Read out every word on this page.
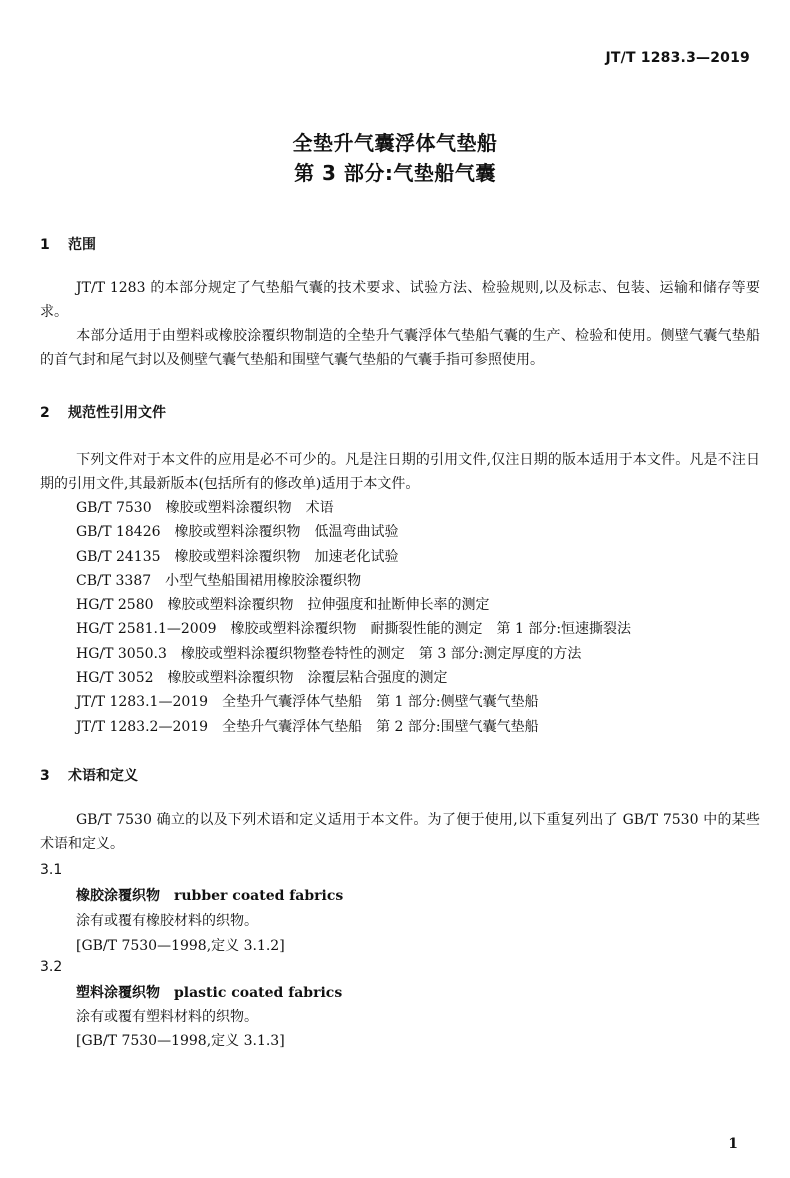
JT/T 1283.3—2019
全垫升气囊浮体气垫船
第 3 部分:气垫船气囊
1 范围
JT/T 1283 的本部分规定了气垫船气囊的技术要求、试验方法、检验规则,以及标志、包装、运输和储存等要求。
本部分适用于由塑料或橡胶涂覆织物制造的全垫升气囊浮体气垫船气囊的生产、检验和使用。侧壁气囊气垫船的首气封和尾气封以及侧壁气囊气垫船和围壁气囊气垫船的气囊手指可参照使用。
2 规范性引用文件
下列文件对于本文件的应用是必不可少的。凡是注日期的引用文件,仅注日期的版本适用于本文件。凡是不注日期的引用文件,其最新版本(包括所有的修改单)适用于本文件。
GB/T 7530　橡胶或塑料涂覆织物　术语
GB/T 18426　橡胶或塑料涂覆织物　低温弯曲试验
GB/T 24135　橡胶或塑料涂覆织物　加速老化试验
CB/T 3387　小型气垫船围裙用橡胶涂覆织物
HG/T 2580　橡胶或塑料涂覆织物　拉伸强度和扯断伸长率的测定
HG/T 2581.1—2009　橡胶或塑料涂覆织物　耐撕裂性能的测定　第 1 部分:恒速撕裂法
HG/T 3050.3　橡胶或塑料涂覆织物整卷特性的测定　第 3 部分:测定厚度的方法
HG/T 3052　橡胶或塑料涂覆织物　涂覆层粘合强度的测定
JT/T 1283.1—2019　全垫升气囊浮体气垫船　第 1 部分:侧壁气囊气垫船
JT/T 1283.2—2019　全垫升气囊浮体气垫船　第 2 部分:围壁气囊气垫船
3 术语和定义
GB/T 7530 确立的以及下列术语和定义适用于本文件。为了便于使用,以下重复列出了 GB/T 7530 中的某些术语和定义。
3.1
橡胶涂覆织物　rubber coated fabrics
涂有或覆有橡胶材料的织物。
[GB/T 7530—1998,定义 3.1.2]
3.2
塑料涂覆织物　plastic coated fabrics
涂有或覆有塑料材料的织物。
[GB/T 7530—1998,定义 3.1.3]
1
